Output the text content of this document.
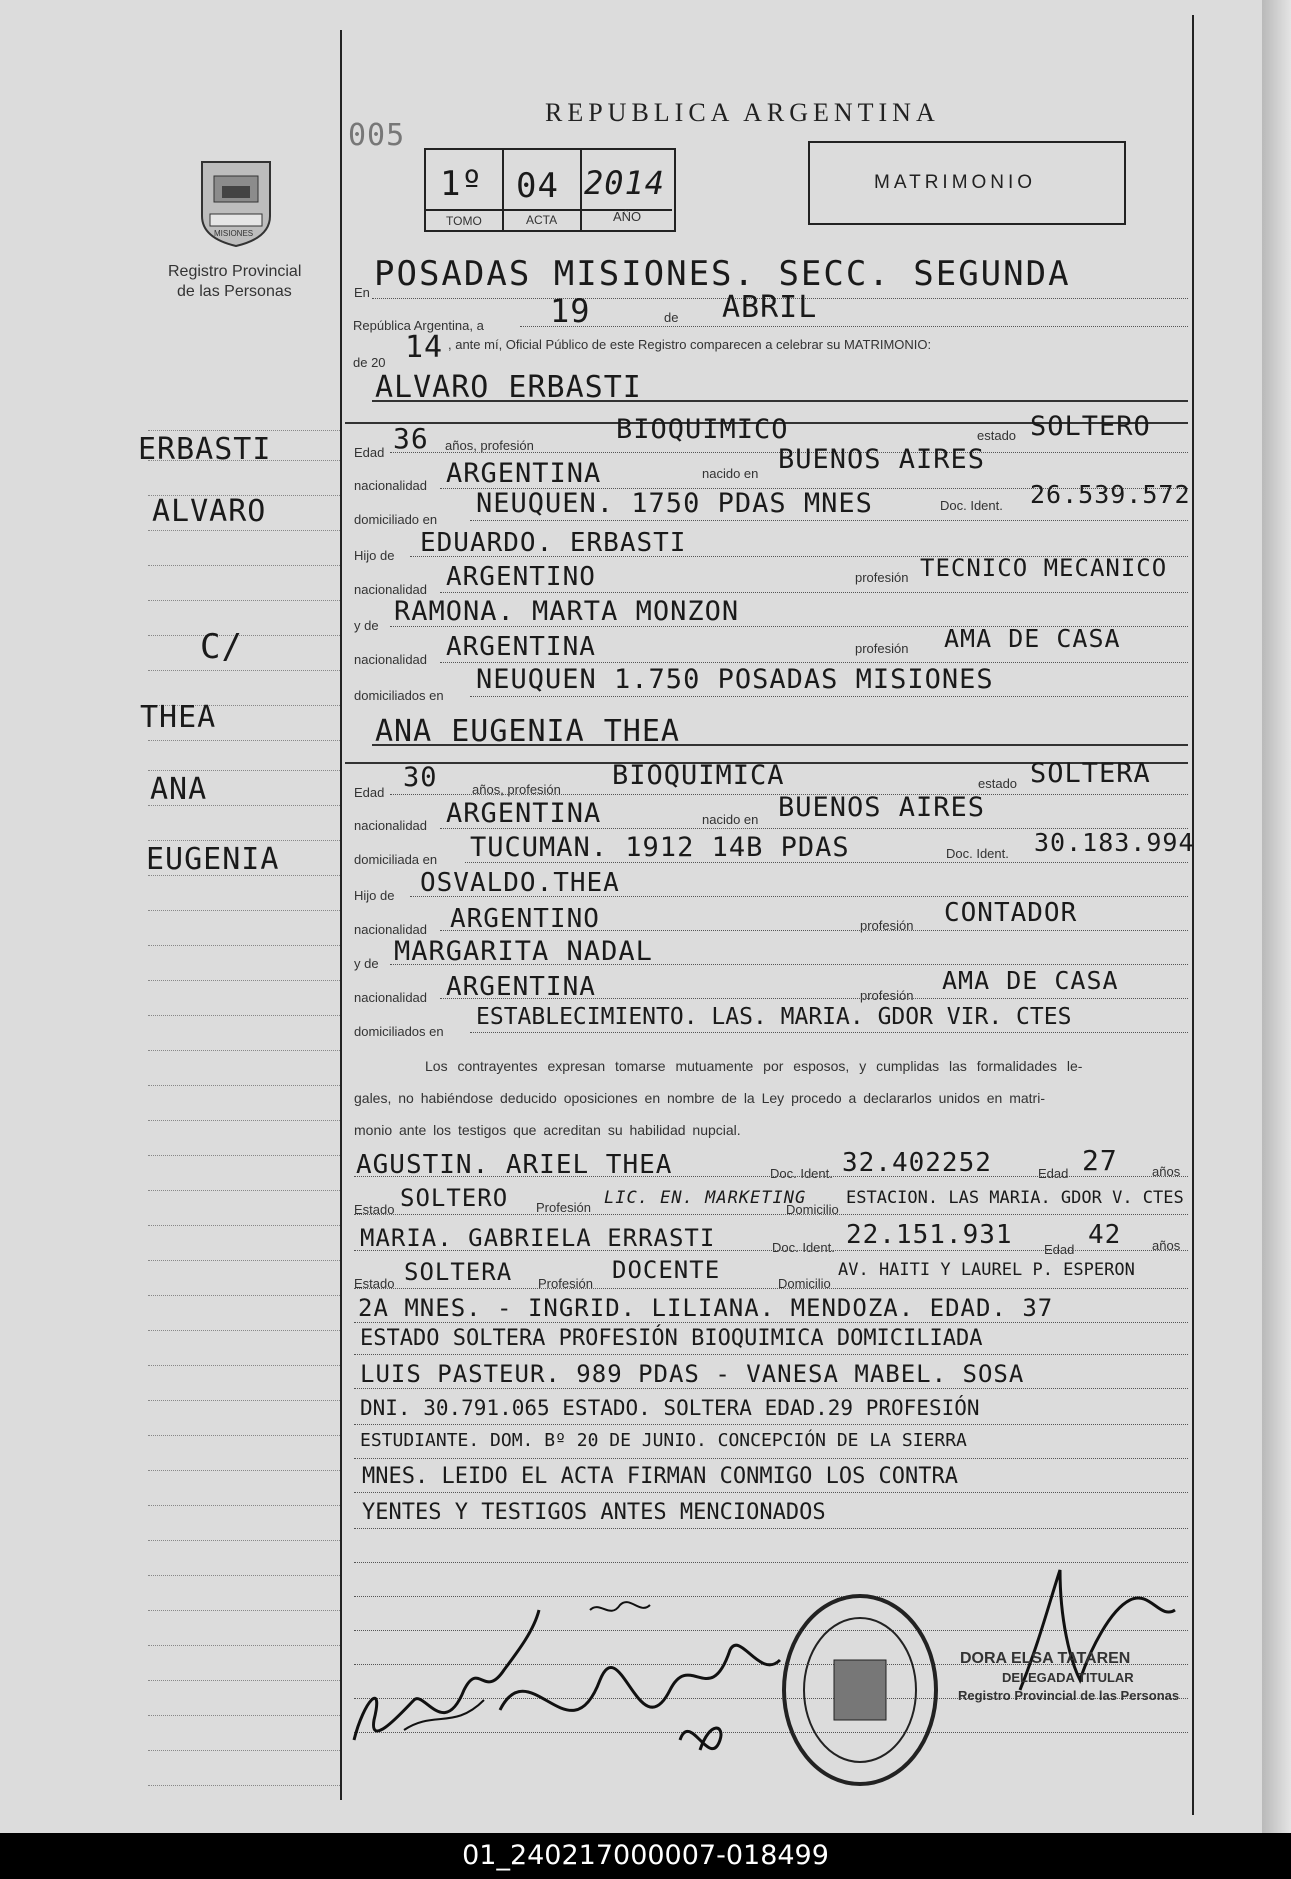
005
REPUBLICA ARGENTINA
MISIONES
Registro Provincial
de las Personas
1º 04 2014
TOMO	ACTA	AÑO
MATRIMONIO
ERBASTI
ALVARO
C/
THEA
ANA
EUGENIA
En POSADAS MISIONES. SECC. SEGUNDA
República Argentina, a 19	de ABRIL
de 20 14 , ante mí, Oficial Público de este Registro comparecen a celebrar su MATRIMONIO:
ALVARO ERBASTI
Edad 36 años, profesión
BIOQUIMICO	estado SOLTERO
nacionalidad ARGENTINA	nacido en BUENOS AIRES
domiciliado en
NEUQUEN. 1750 PDAS MNES	Doc. Ident. 26.539.572
Hijo de EDUARDO. ERBASTI
nacionalidad ARGENTINO	profesión TECNICO MECANICO
y de RAMONA. MARTA MONZON
nacionalidad ARGENTINA	profesión AMA DE CASA
domiciliados en
NEUQUEN 1.750 POSADAS MISIONES
ANA EUGENIA THEA
Edad 30	años, profesión BIOQUIMICA	estado SOLTERA
nacionalidad ARGENTINA	nacido en BUENOS AIRES
domiciliada en TUCUMAN. 1912 14B PDAS	Doc. Ident. 30.183.994
Hijo de OSVALDO.THEA
nacionalidad ARGENTINO	profesión CONTADOR
y de MARGARITA NADAL
nacionalidad ARGENTINA	profesión
AMA DE CASA
domiciliados en
ESTABLECIMIENTO. LAS. MARIA. GDOR VIR. CTES
Los contrayentes expresan tomarse mutuamente por esposos, y cumplidas las formalidades le-
gales, no habiéndose deducido oposiciones en nombre de la Ley procedo a declararlos unidos en matri-
monio ante los testigos que acreditan su habilidad nupcial.
AGUSTIN. ARIEL THEA	Doc. Ident. 32.402252	Edad 27	años
Estado SOLTERO Profesión LIC. EN. MARKETING
Domicilio
ESTACION. LAS MARIA. GDOR V. CTES
MARIA. GABRIELA ERRASTI	Doc. Ident. 22.151.931 Edad 42 años
Estado SOLTERA Profesión DOCENTE	Domicilio
AV. HAITI Y LAUREL P. ESPERON
2A MNES. - INGRID. LILIANA. MENDOZA. EDAD. 37
ESTADO SOLTERA PROFESIÓN BIOQUIMICA DOMICILIADA
LUIS PASTEUR. 989 PDAS - VANESA MABEL. SOSA
DNI. 30.791.065 ESTADO. SOLTERA EDAD.29 PROFESIÓN
ESTUDIANTE. DOM. Bº 20 DE JUNIO. CONCEPCIÓN DE LA SIERRA
MNES. LEIDO EL ACTA FIRMAN CONMIGO LOS CONTRA
YENTES Y TESTIGOS ANTES MENCIONADOS
DORA ELSA TATAREN
DELEGADA TITULAR
Registro Provincial de las Personas
01_240217000007-018499
